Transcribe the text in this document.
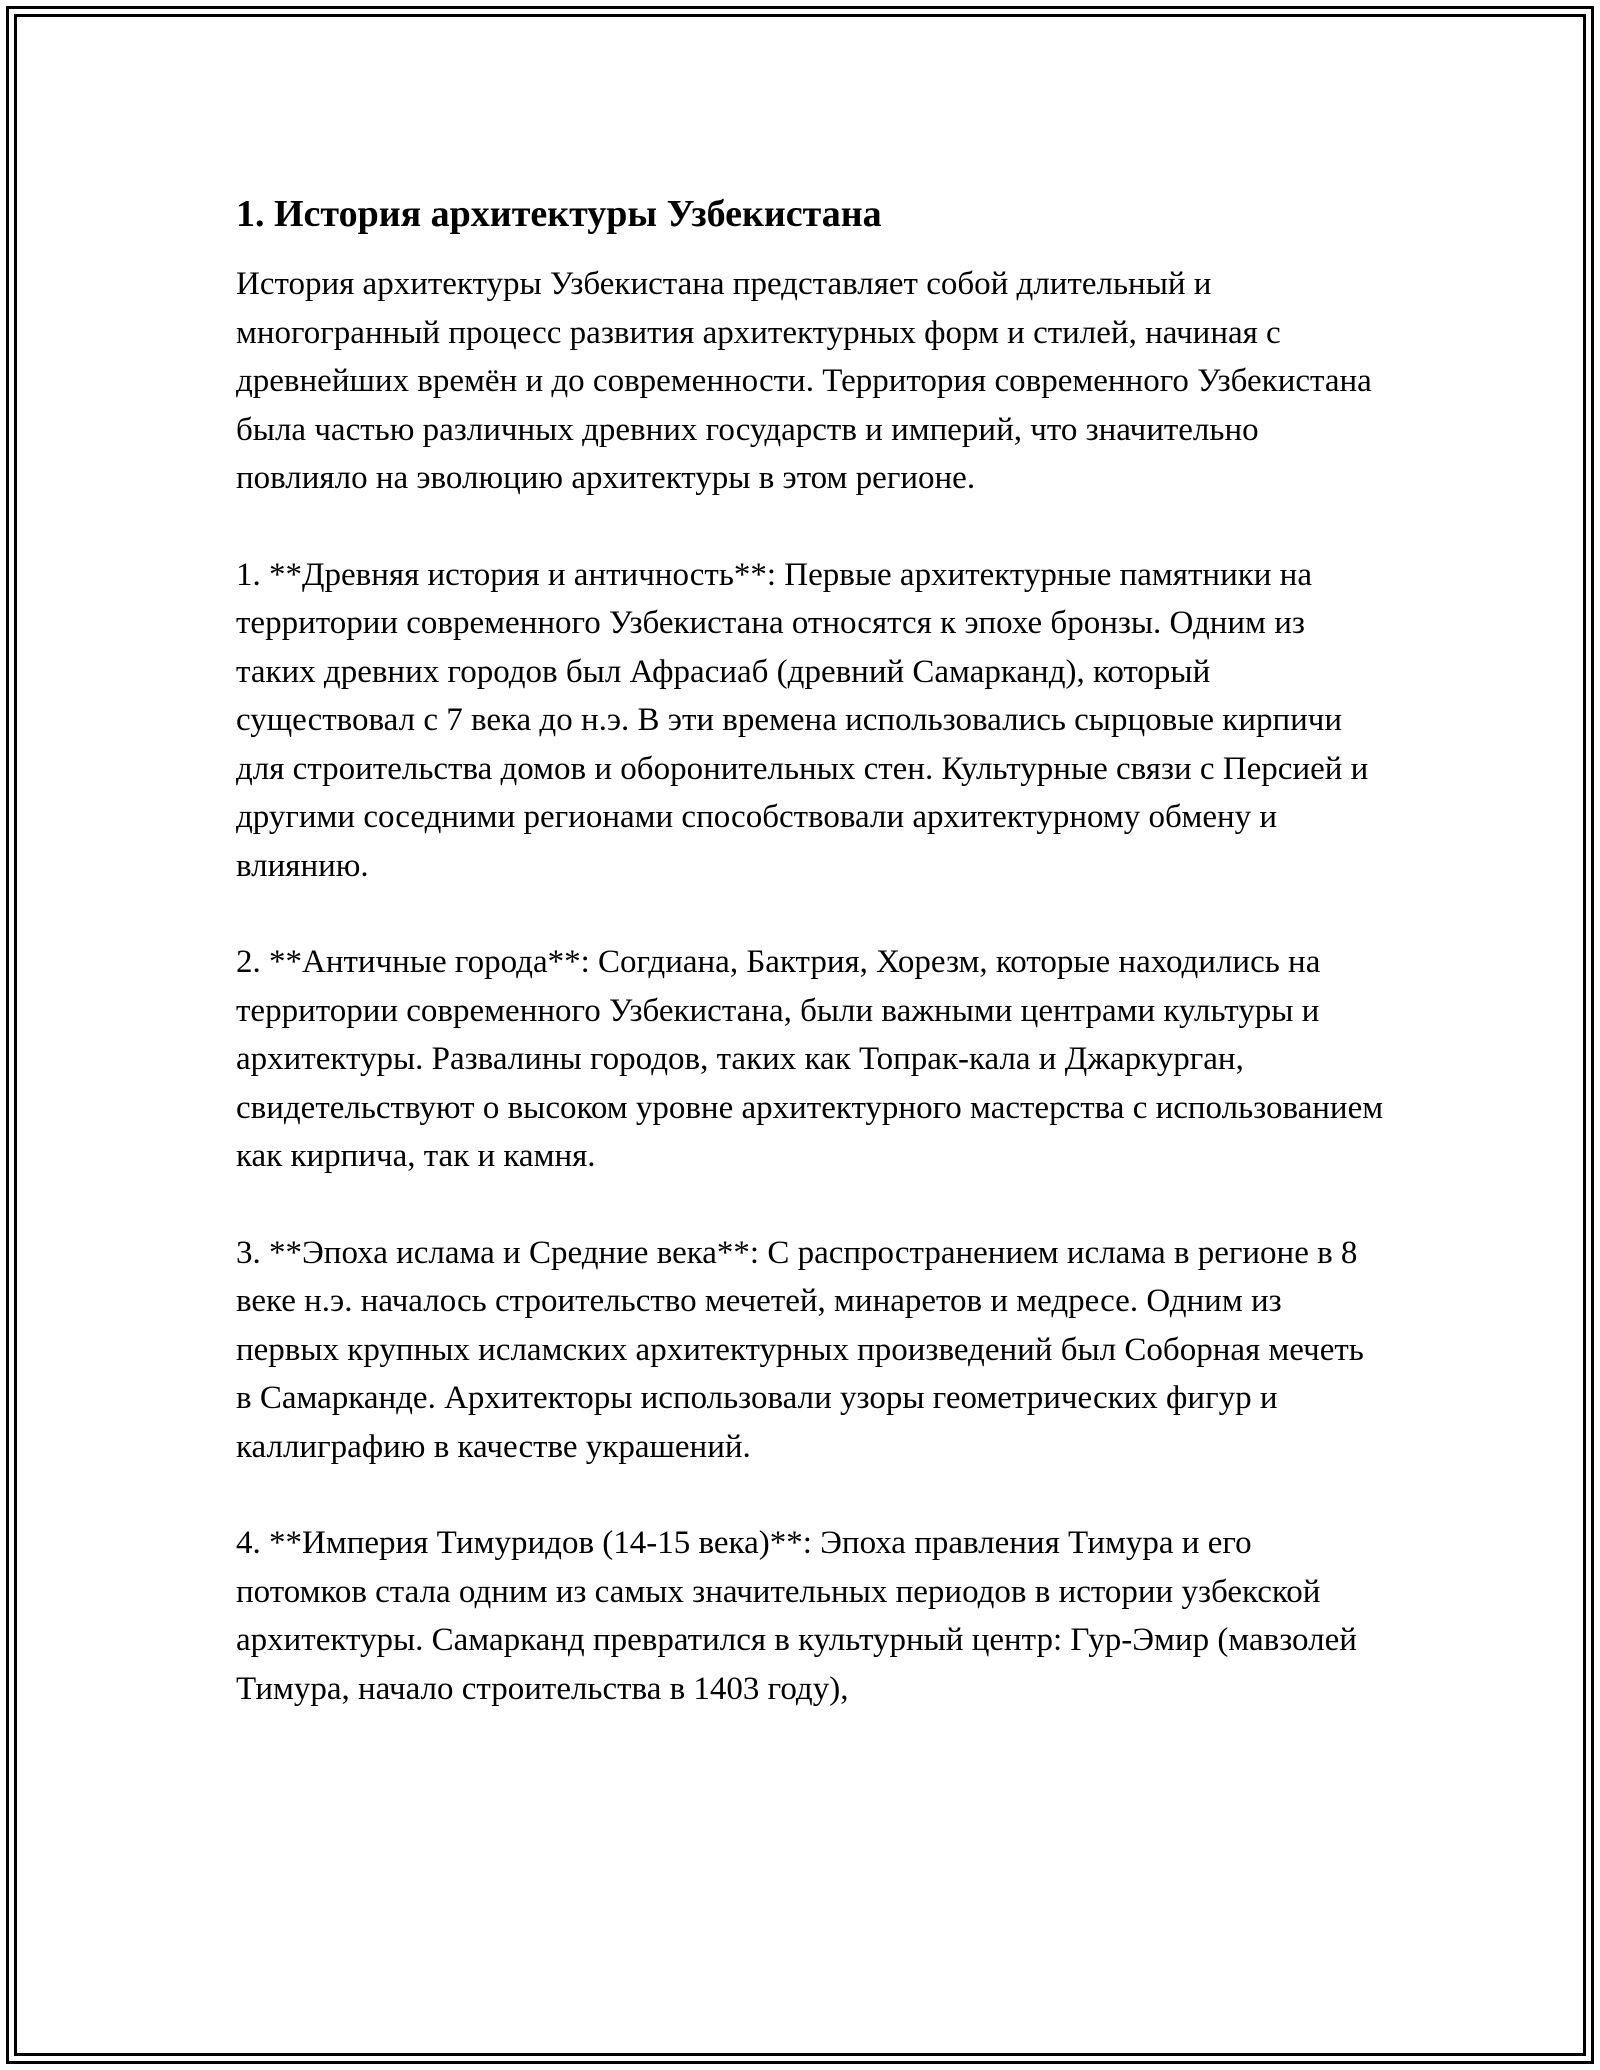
1. История архитектуры Узбекистана

История архитектуры Узбекистана представляет собой длительный и многогранный процесс развития архитектурных форм и стилей, начиная с древнейших времён и до современности. Территория современного Узбекистана была частью различных древних государств и империй, что значительно повлияло на эволюцию архитектуры в этом регионе.

1. **Древняя история и античность**: Первые архитектурные памятники на территории современного Узбекистана относятся к эпохе бронзы. Одним из таких древних городов был Афрасиаб (древний Самарканд), который существовал с 7 века до н.э. В эти времена использовались сырцовые кирпичи для строительства домов и оборонительных стен. Культурные связи с Персией и другими соседними регионами способствовали архитектурному обмену и влиянию.

2. **Античные города**: Согдиана, Бактрия, Хорезм, которые находились на территории современного Узбекистана, были важными центрами культуры и архитектуры. Развалины городов, таких как Топрак-кала и Джаркурган, свидетельствуют о высоком уровне архитектурного мастерства с использованием как кирпича, так и камня.

3. **Эпоха ислама и Средние века**: С распространением ислама в регионе в 8 веке н.э. началось строительство мечетей, минаретов и медресе. Одним из первых крупных исламских архитектурных произведений был Соборная мечеть в Самарканде. Архитекторы использовали узоры геометрических фигур и каллиграфию в качестве украшений.

4. **Империя Тимуридов (14-15 века)**: Эпоха правления Тимура и его потомков стала одним из самых значительных периодов в истории узбекской архитектуры. Самарканд превратился в культурный центр: Гур-Эмир (мавзолей Тимура, начало строительства в 1403 году),
